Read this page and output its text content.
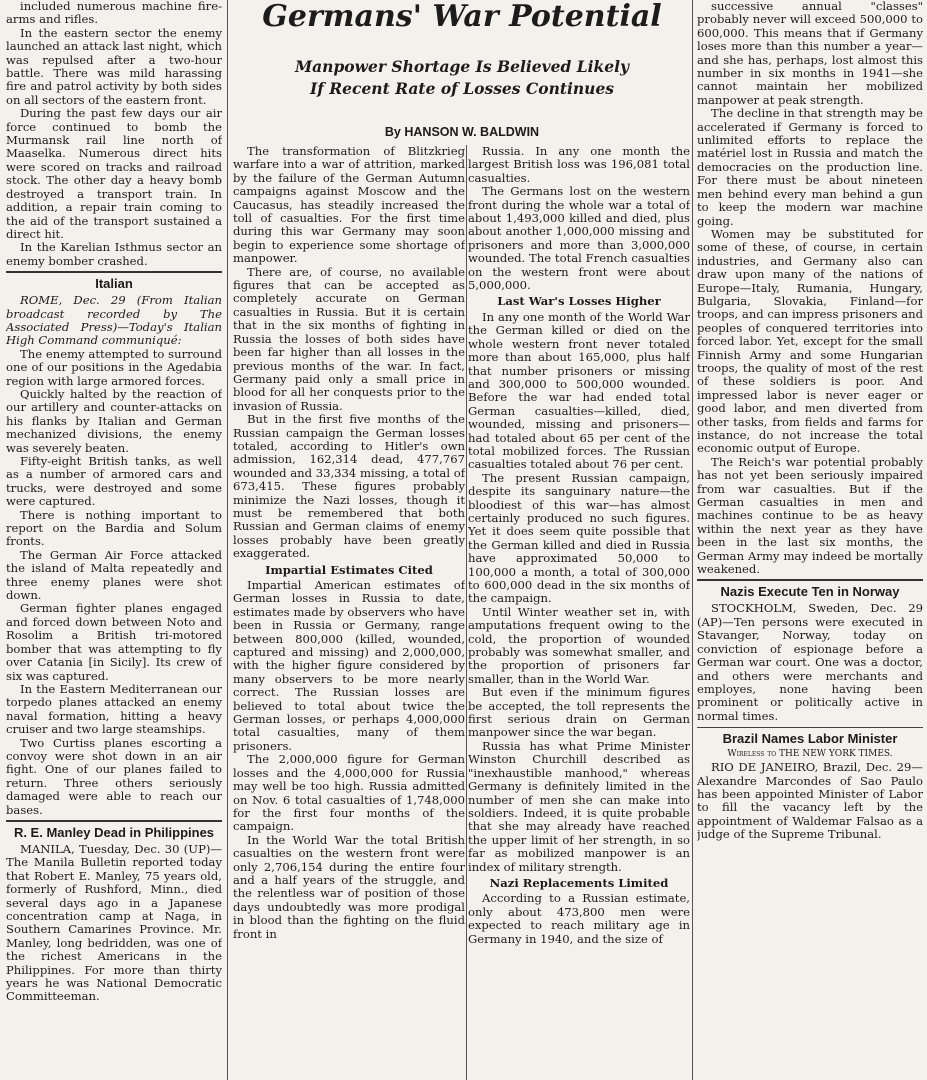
included numerous machine fire-arms and rifles.

In the eastern sector the enemy launched an attack last night, which was repulsed after a two-hour battle. There was mild harassing fire and patrol activity by both sides on all sectors of the eastern front.

During the past few days our air force continued to bomb the Murmansk rail line north of Maaselka. Numerous direct hits were scored on tracks and railroad stock. The other day a heavy bomb destroyed a transport train. In addition, a repair train coming to the aid of the transport sustained a direct hit.

In the Karelian Isthmus sector an enemy bomber crashed.

Italian

ROME, Dec. 29 (From Italian broadcast recorded by The Associated Press)—Today's Italian High Command communiqué:

The enemy attempted to surround one of our positions in the Agedabia region with large armored forces.

Quickly halted by the reaction of our artillery and counter-attacks on his flanks by Italian and German mechanized divisions, the enemy was severely beaten.

Fifty-eight British tanks, as well as a number of armored cars and trucks, were destroyed and some were captured.

There is nothing important to report on the Bardia and Solum fronts.

The German Air Force attacked the island of Malta repeatedly and three enemy planes were shot down.

German fighter planes engaged and forced down between Noto and Rosolim a British tri-motored bomber that was attempting to fly over Catania [in Sicily]. Its crew of six was captured.

In the Eastern Mediterranean our torpedo planes attacked an enemy naval formation, hitting a heavy cruiser and two large steamships.

Two Curtiss planes escorting a convoy were shot down in an air fight. One of our planes failed to return. Three others seriously damaged were able to reach our bases.

R. E. Manley Dead in Philippines

MANILA, Tuesday, Dec. 30 (UP)—The Manila Bulletin reported today that Robert E. Manley, 75 years old, formerly of Rushford, Minn., died several days ago in a Japanese concentration camp at Naga, in Southern Camarines Province. Mr. Manley, long bedridden, was one of the richest Americans in the Philippines. For more than thirty years he was National Democratic Committeeman.

Germans' War Potential
Manpower Shortage Is Believed Likely
If Recent Rate of Losses Continues
By HANSON W. BALDWIN

The transformation of Blitzkrieg warfare into a war of attrition, marked by the failure of the German Autumn campaigns against Moscow and the Caucasus, has steadily increased the toll of casualties. For the first time during this war Germany may soon begin to experience some shortage of manpower.

There are, of course, no available figures that can be accepted as completely accurate on German casualties in Russia. But it is certain that in the six months of fighting in Russia the losses of both sides have been far higher than all losses in the previous months of the war. In fact, Germany paid only a small price in blood for all her conquests prior to the invasion of Russia.

But in the first five months of the Russian campaign the German losses totaled, according to Hitler's own admission, 162,314 dead, 477,767 wounded and 33,334 missing, a total of 673,415. These figures probably minimize the Nazi losses, though it must be remembered that both Russian and German claims of enemy losses probably have been greatly exaggerated.

Impartial Estimates Cited

Impartial American estimates of German losses in Russia to date, estimates made by observers who have been in Russia or Germany, range between 800,000 (killed, wounded, captured and missing) and 2,000,000, with the higher figure considered by many observers to be more nearly correct. The Russian losses are believed to total about twice the German losses, or perhaps 4,000,000 total casualties, many of them prisoners.

The 2,000,000 figure for German losses and the 4,000,000 for Russia may well be too high. Russia admitted on Nov. 6 total casualties of 1,748,000 for the first four months of the campaign.

In the World War the total British casualties on the western front were only 2,706,154 during the entire four and a half years of the struggle, and the relentless war of position of those days undoubtedly was more prodigal in blood than the fighting on the fluid front in

Russia. In any one month the largest British loss was 196,081 total casualties.

The Germans lost on the western front during the whole war a total of about 1,493,000 killed and died, plus about another 1,000,000 missing and prisoners and more than 3,000,000 wounded. The total French casualties on the western front were about 5,000,000.

Last War's Losses Higher

In any one month of the World War the German killed or died on the whole western front never totaled more than about 165,000, plus half that number prisoners or missing and 300,000 to 500,000 wounded. Before the war had ended total German casualties—killed, died, wounded, missing and prisoners—had totaled about 65 per cent of the total mobilized forces. The Russian casualties totaled about 76 per cent.

The present Russian campaign, despite its sanguinary nature—the bloodiest of this war—has almost certainly produced no such figures. Yet it does seem quite possible that the German killed and died in Russia have approximated 50,000 to 100,000 a month, a total of 300,000 to 600,000 dead in the six months of the campaign.

Until Winter weather set in, with amputations frequent owing to the cold, the proportion of wounded probably was somewhat smaller, and the proportion of prisoners far smaller, than in the World War.

But even if the minimum figures be accepted, the toll represents the first serious drain on German manpower since the war began.

Russia has what Prime Minister Winston Churchill described as "inexhaustible manhood," whereas Germany is definitely limited in the number of men she can make into soldiers. Indeed, it is quite probable that she may already have reached the upper limit of her strength, in so far as mobilized manpower is an index of military strength.

Nazi Replacements Limited

According to a Russian estimate, only about 473,800 men were expected to reach military age in Germany in 1940, and the size of

successive annual "classes" probably never will exceed 500,000 to 600,000. This means that if Germany loses more than this number a year—and she has, perhaps, lost almost this number in six months in 1941—she cannot maintain her mobilized manpower at peak strength.

The decline in that strength may be accelerated if Germany is forced to unlimited efforts to replace the matériel lost in Russia and match the democracies on the production line. For there must be about nineteen men behind every man behind a gun to keep the modern war machine going.

Women may be substituted for some of these, of course, in certain industries, and Germany also can draw upon many of the nations of Europe—Italy, Rumania, Hungary, Bulgaria, Slovakia, Finland—for troops, and can impress prisoners and peoples of conquered territories into forced labor. Yet, except for the small Finnish Army and some Hungarian troops, the quality of most of the rest of these soldiers is poor. And impressed labor is never eager or good labor, and men diverted from other tasks, from fields and farms for instance, do not increase the total economic output of Europe.

The Reich's war potential probably has not yet been seriously impaired from war casualties. But if the German casualties in men and machines continue to be as heavy within the next year as they have been in the last six months, the German Army may indeed be mortally weakened.

Nazis Execute Ten in Norway

STOCKHOLM, Sweden, Dec. 29 (AP)—Ten persons were executed in Stavanger, Norway, today on conviction of espionage before a German war court. One was a doctor, and others were merchants and employes, none having been prominent or politically active in normal times.

Brazil Names Labor Minister
Wireless to THE NEW YORK TIMES.

RIO DE JANEIRO, Brazil, Dec. 29—Alexandre Marcondes of Sao Paulo has been appointed Minister of Labor to fill the vacancy left by the appointment of Waldemar Falsao as a judge of the Supreme Tribunal.
